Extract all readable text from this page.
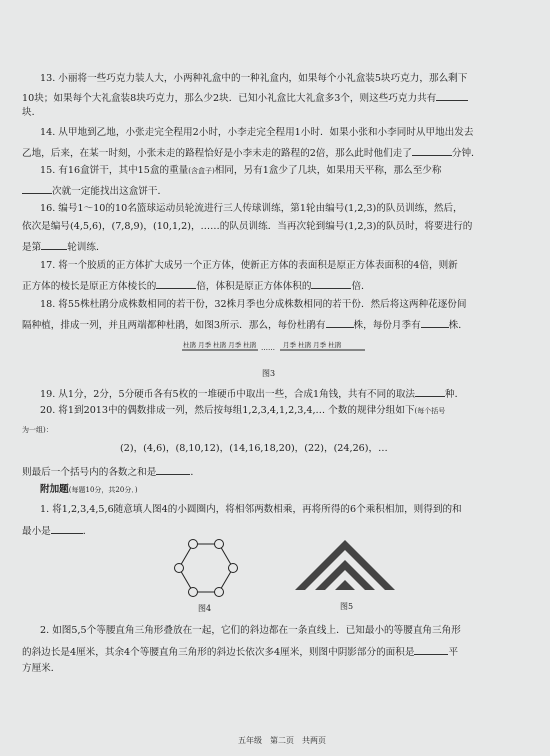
13. 小丽将一些巧克力装人大，小两种礼盒中的一种礼盒内，如果每个小礼盒装5块巧克力，那么剩下
10块；如果每个大礼盒装8块巧克力，那么少2块．已知小礼盒比大礼盒多3个，则这些巧克力共有
块．
14. 从甲地到乙地，小张走完全程用2小时，小李走完全程用1小时．如果小张和小李同时从甲地出发去
乙地，后来，在某一时刻，小张未走的路程恰好是小李未走的路程的2倍，那么此时他们走了	分钟．
15. 有16盒饼干，其中15盒的重量(含盒子)相同，另有1盒少了几块，如果用天平称，那么至少称
次就一定能找出这盒饼干．
16. 编号1～10的10名篮球运动员轮流进行三人传球训练，第1轮由编号(1,2,3)的队员训练，然后，
依次是编号(4,5,6)，(7,8,9)，(10,1,2)，……的队员训练．当再次轮到编号(1,2,3)的队员时，将要进行的
是第	轮训练．
17. 将一个胶质的正方体扩大成另一个正方体，使新正方体的表面积是原正方体表面积的4倍，则新
正方体的棱长是原正方体棱长的	倍，体积是原正方体体积的	倍．
18. 将55株杜鹃分成株数相同的若干份，32株月季也分成株数相同的若干份．然后将这两种花逐份间
隔种植，排成一列，并且两端都种杜鹃，如图3所示．那么，每份杜鹃有	株，每份月季有	株．
杜鹃 月季 杜鹃 月季 杜鹃 …… 月季 杜鹃 月季 杜鹃
图3
19. 从1分，2分，5分硬币各有5枚的一堆硬币中取出一些，合成1角钱，共有不同的取法	种．
20. 将1到2013中的偶数排成一列，然后按每组1,2,3,4,1,2,3,4,… 个数的规律分组如下(每个括号
为一组)：
(2)，(4,6)，(8,10,12)，(14,16,18,20)，(22)，(24,26)，…
则最后一个括号内的各数之和是	．
附加题(每题10分，共20分．)
1. 将1,2,3,4,5,6随意填人图4的小圆圈内，将相邻两数相乘，再将所得的6个乘积相加，则得到的和
最小是	．
图4	图5
2. 如图5,5个等腰直角三角形叠放在一起，它们的斜边都在一条直线上．已知最小的等腰直角三角形
的斜边长是4厘米，其余4个等腰直角三角形的斜边长依次多4厘米，则图中阴影部分的面积是	平
方厘米．
五年级　第二页　共两页
